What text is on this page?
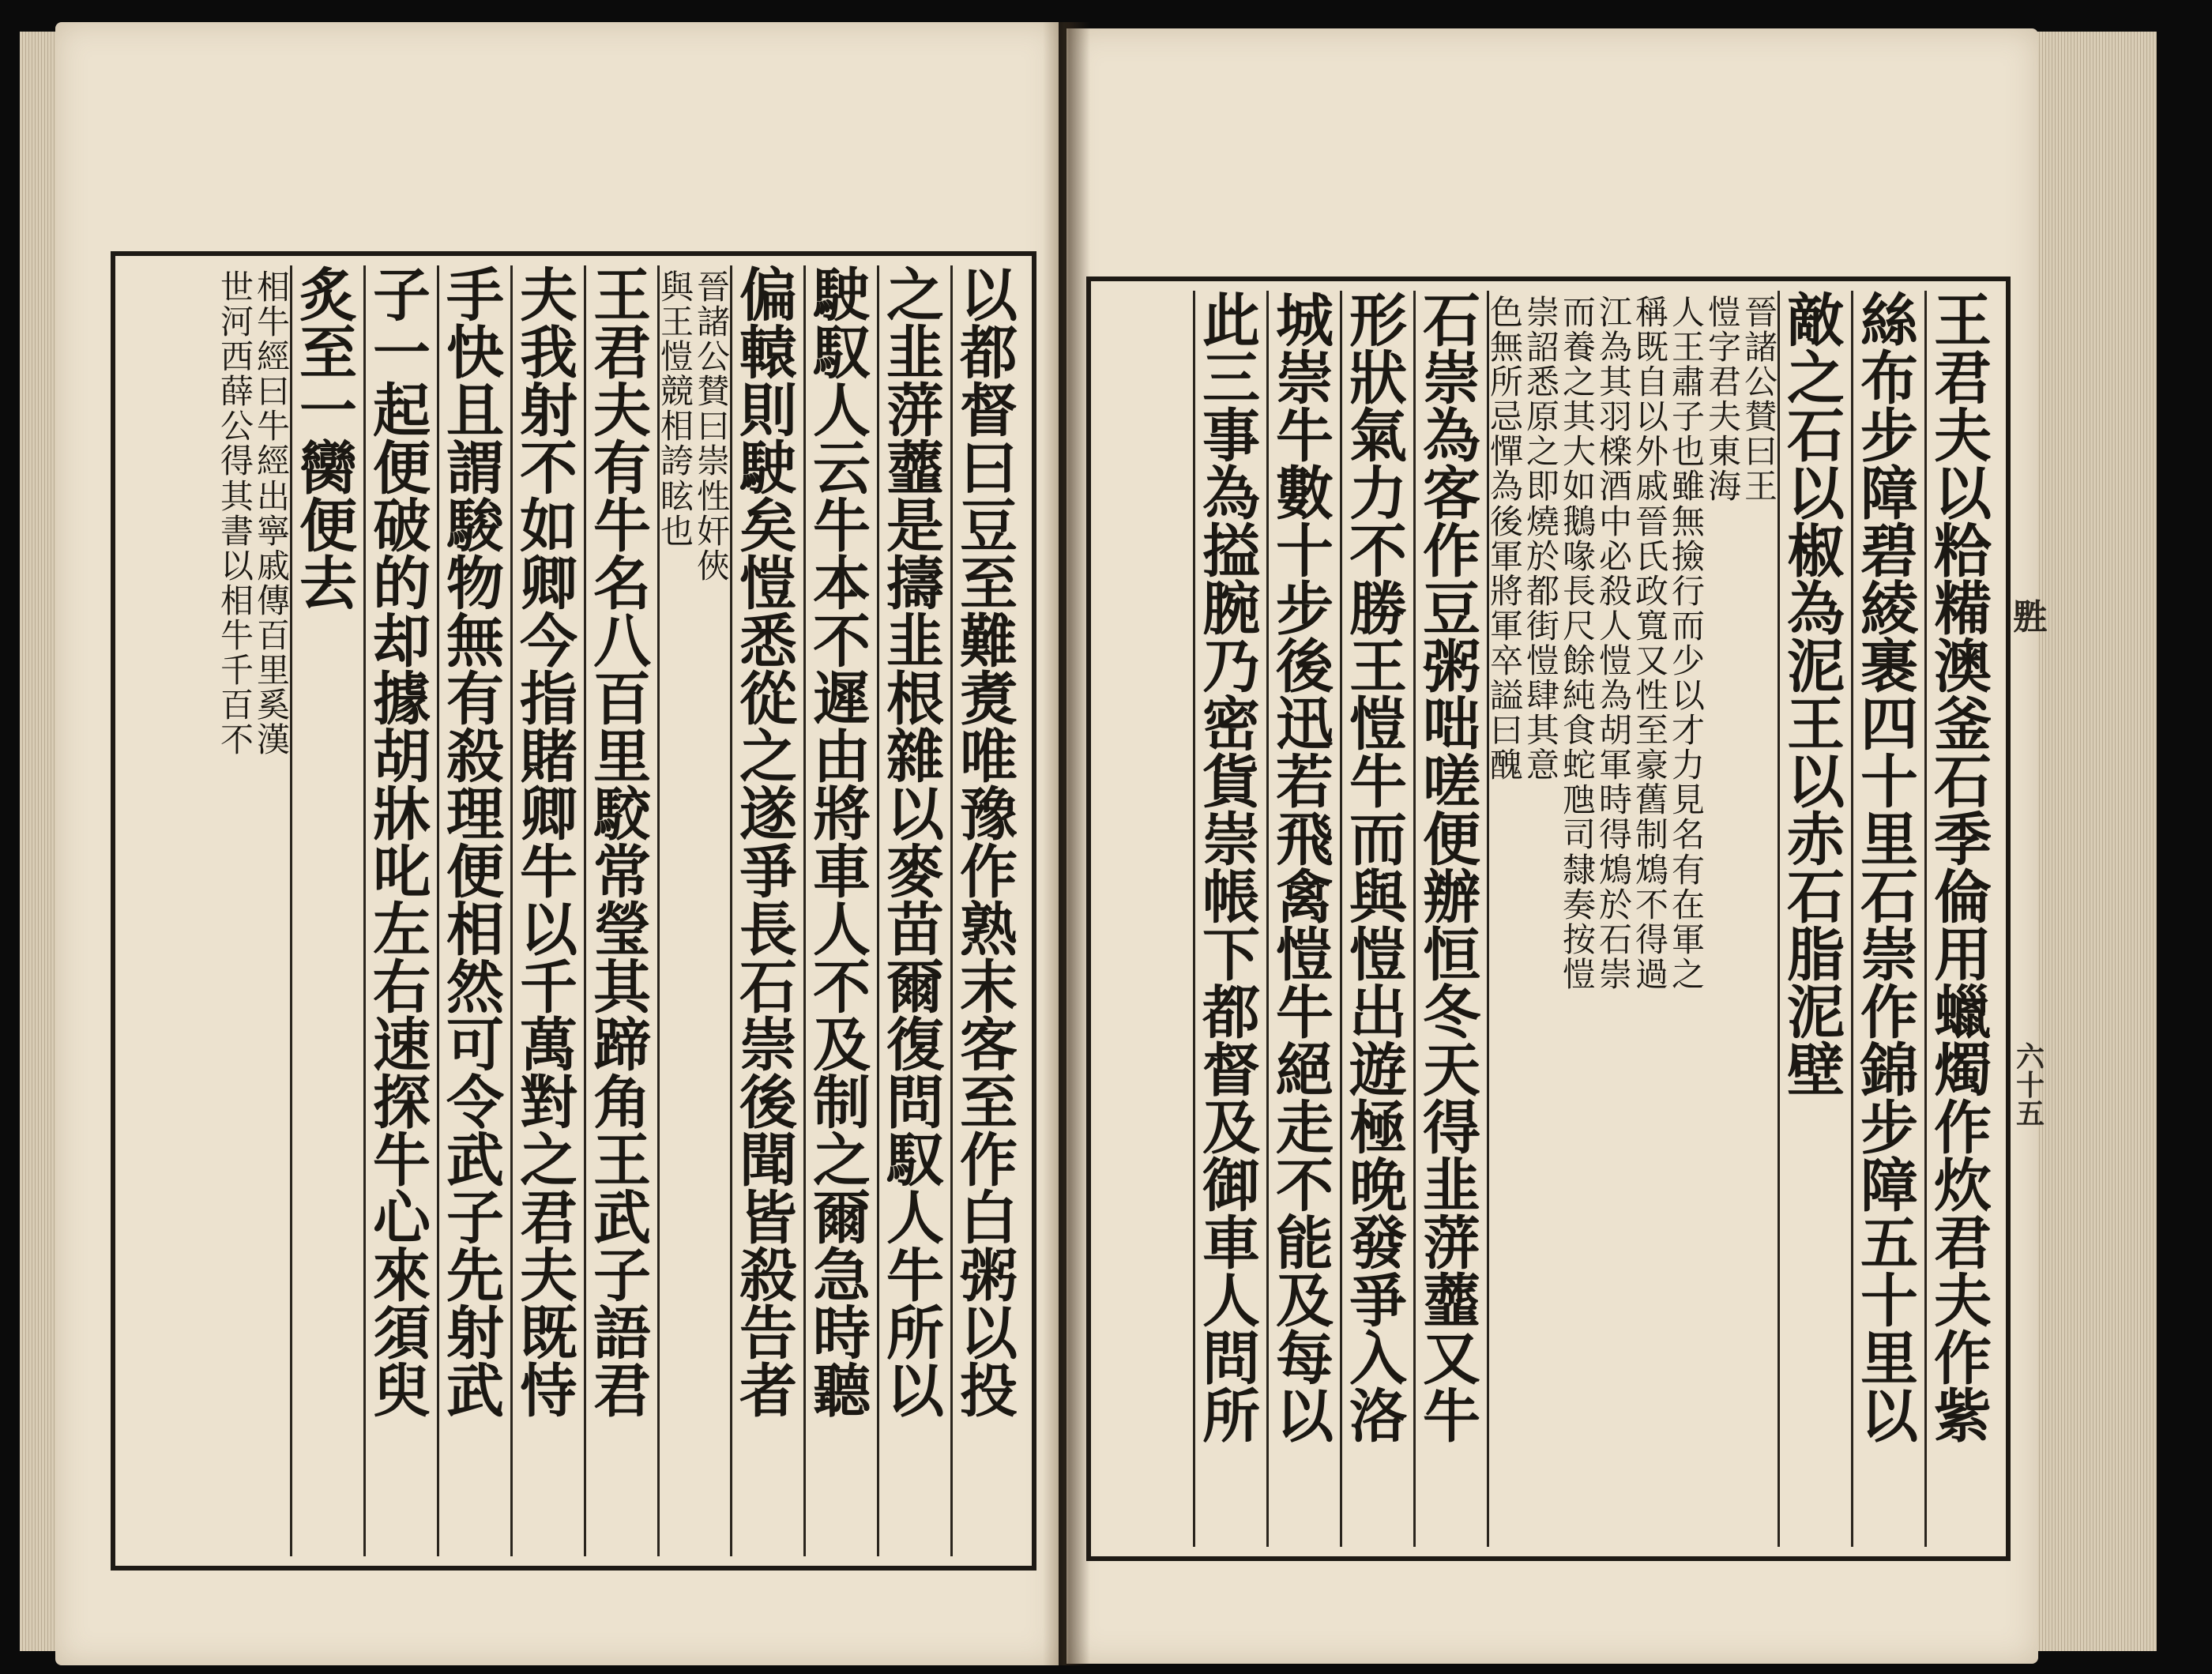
以
都
督
曰
豆
至
難
煑
唯
豫
作
熟
末
客
至
作
白
粥
以
投
之
韭
蓱
虀
是
擣
韭
根
雜
以
麥
苗
爾
復
問
馭
人
牛
所
以
駛
馭
人
云
牛
本
不
遲
由
將
車
人
不
及
制
之
爾
急
時
聽
偏
轅
則
駛
矣
愷
悉
從
之
遂
爭
長
石
崇
後
聞
皆
殺
告
者
晉
諸
公
賛
曰
崇
性
奸
俠
與
王
愷
競
相
誇
眩
也
王
君
夫
有
牛
名
八
百
里
駮
常
瑩
其
蹄
角
王
武
子
語
君
夫
我
射
不
如
卿
今
指
賭
卿
牛
以
千
萬
對
之
君
夫
既
恃
手
快
且
謂
駿
物
無
有
殺
理
便
相
然
可
令
武
子
先
射
武
子
一
起
便
破
的
却
據
胡
牀
叱
左
右
速
探
牛
心
來
須
臾
炙
至
一
臠
便
去
相
牛
經
曰
牛
經
出
寧
戚
傳
百
里
奚
漢
世
河
西
薛
公
得
其
書
以
相
牛
千
百
不
王
君
夫
以
粭
糒
澳
釜
石
季
倫
用
蠟
燭
作
炊
君
夫
作
紫
絲
布
步
障
碧
綾
裹
四
十
里
石
崇
作
錦
步
障
五
十
里
以
敵
之
石
以
椒
為
泥
王
以
赤
石
脂
泥
壁
晉
諸
公
賛
曰
王
愷
字
君
夫
東
海
人
王
肅
子
也
雖
無
撿
行
而
少
以
才
力
見
名
有
在
軍
之
稱
既
自
以
外
戚
晉
氏
政
寬
又
性
至
豪
舊
制
鴆
不
得
過
江
為
其
羽
檪
酒
中
必
殺
人
愷
為
胡
軍
時
得
鴆
於
石
崇
而
養
之
其
大
如
鵝
喙
長
尺
餘
純
食
蛇
虺
司
隸
奏
按
愷
崇
詔
悉
原
之
即
燒
於
都
街
愷
肆
其
意
色
無
所
忌
憚
為
後
軍
將
軍
卒
謚
曰
醜
石
崇
為
客
作
豆
粥
咄
嗟
便
辦
恒
冬
天
得
韭
蓱
虀
又
牛
形
狀
氣
力
不
勝
王
愷
牛
而
與
愷
出
遊
極
晚
發
爭
入
洛
城
崇
牛
數
十
步
後
迅
若
飛
禽
愷
牛
絕
走
不
能
及
每
以
此
三
事
為
搤
腕
乃
密
貨
崇
帳
下
都
督
及
御
車
人
問
所
㽒
六
十
五
